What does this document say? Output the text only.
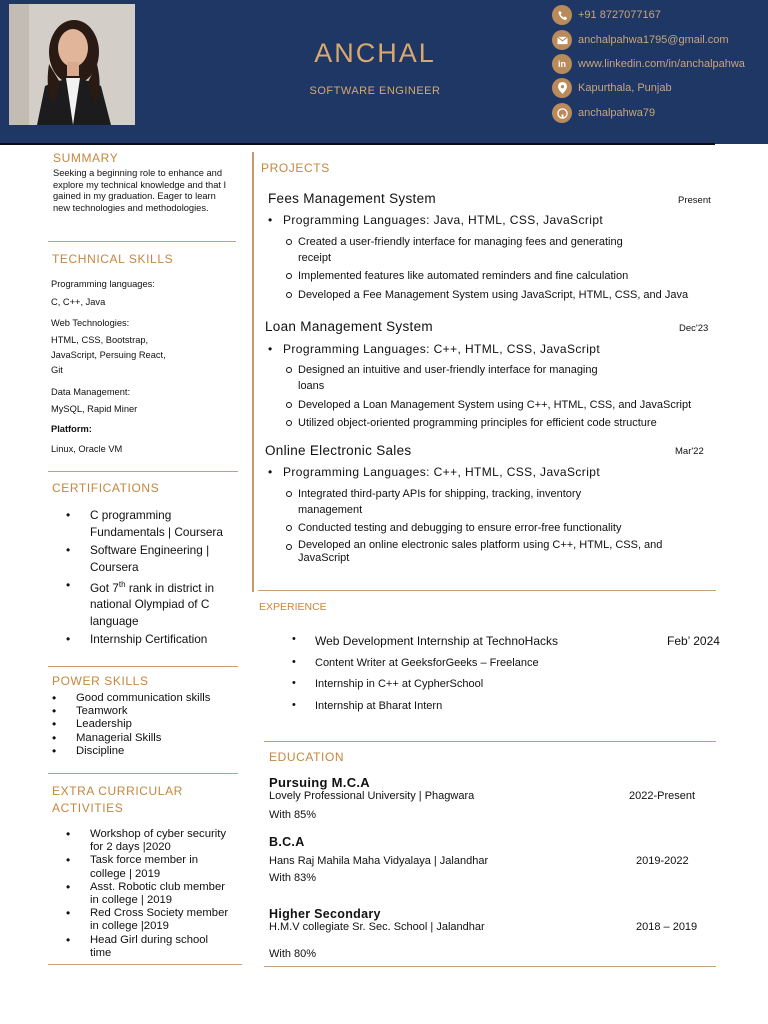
ANCHAL
SOFTWARE ENGINEER
+91 8727077167
anchalpahwa1795@gmail.com
in www.linkedin.com/in/anchalpahwa
Kapurthala, Punjab
anchalpahwa79
SUMMARY
Seeking a beginning role to enhance and explore my technical knowledge and that I gained in my graduation. Eager to learn new technologies and methodologies.
TECHNICAL SKILLS
Programming languages:
C, C++, Java
Web Technologies:
HTML, CSS, Bootstrap,
JavaScript, Persuing React,
Git
Data Management:
MySQL, Rapid Miner
Platform:
Linux, Oracle VM
CERTIFICATIONS
• C programming
Fundamentals | Coursera
• Software Engineering |
Coursera
• Got 7th rank in district in
national Olympiad of C
language
• Internship Certification
POWER SKILLS
• Good communication skills
• Teamwork
• Leadership
• Managerial Skills
• Discipline
EXTRA CURRICULAR
ACTIVITIES
• Workshop of cyber security
for 2 days |2020
• Task force member in
college | 2019
• Asst. Robotic club member
in college | 2019
• Red Cross Society member
in college |2019
• Head Girl during school
time
PROJECTS
Fees Management System	Present
• Programming Languages: Java, HTML, CSS, JavaScript
Created a user-friendly interface for managing fees and generating
receipt
Implemented features like automated reminders and fine calculation
Developed a Fee Management System using JavaScript, HTML, CSS, and Java
Loan Management System	Dec'23
• Programming Languages: C++, HTML, CSS, JavaScript
Designed an intuitive and user-friendly interface for managing
loans
Developed a Loan Management System using C++, HTML, CSS, and JavaScript
Utilized object-oriented programming principles for efficient code structure
Online Electronic Sales	Mar'22
• Programming Languages: C++, HTML, CSS, JavaScript
Integrated third-party APIs for shipping, tracking, inventory
management
Conducted testing and debugging to ensure error-free functionality
Developed an online electronic sales platform using C++, HTML, CSS, and
JavaScript
EXPERIENCE
• Web Development Internship at TechnoHacks	Feb’ 2024
• Content Writer at GeeksforGeeks – Freelance
• Internship in C++ at CypherSchool
• Internship at Bharat Intern
EDUCATION
Pursuing M.C.A
Lovely Professional University | Phagwara	2022-Present
With 85%
B.C.A
Hans Raj Mahila Maha Vidyalaya | Jalandhar	2019-2022
With 83%
Higher Secondary
H.M.V collegiate Sr. Sec. School | Jalandhar	2018 – 2019
With 80%
